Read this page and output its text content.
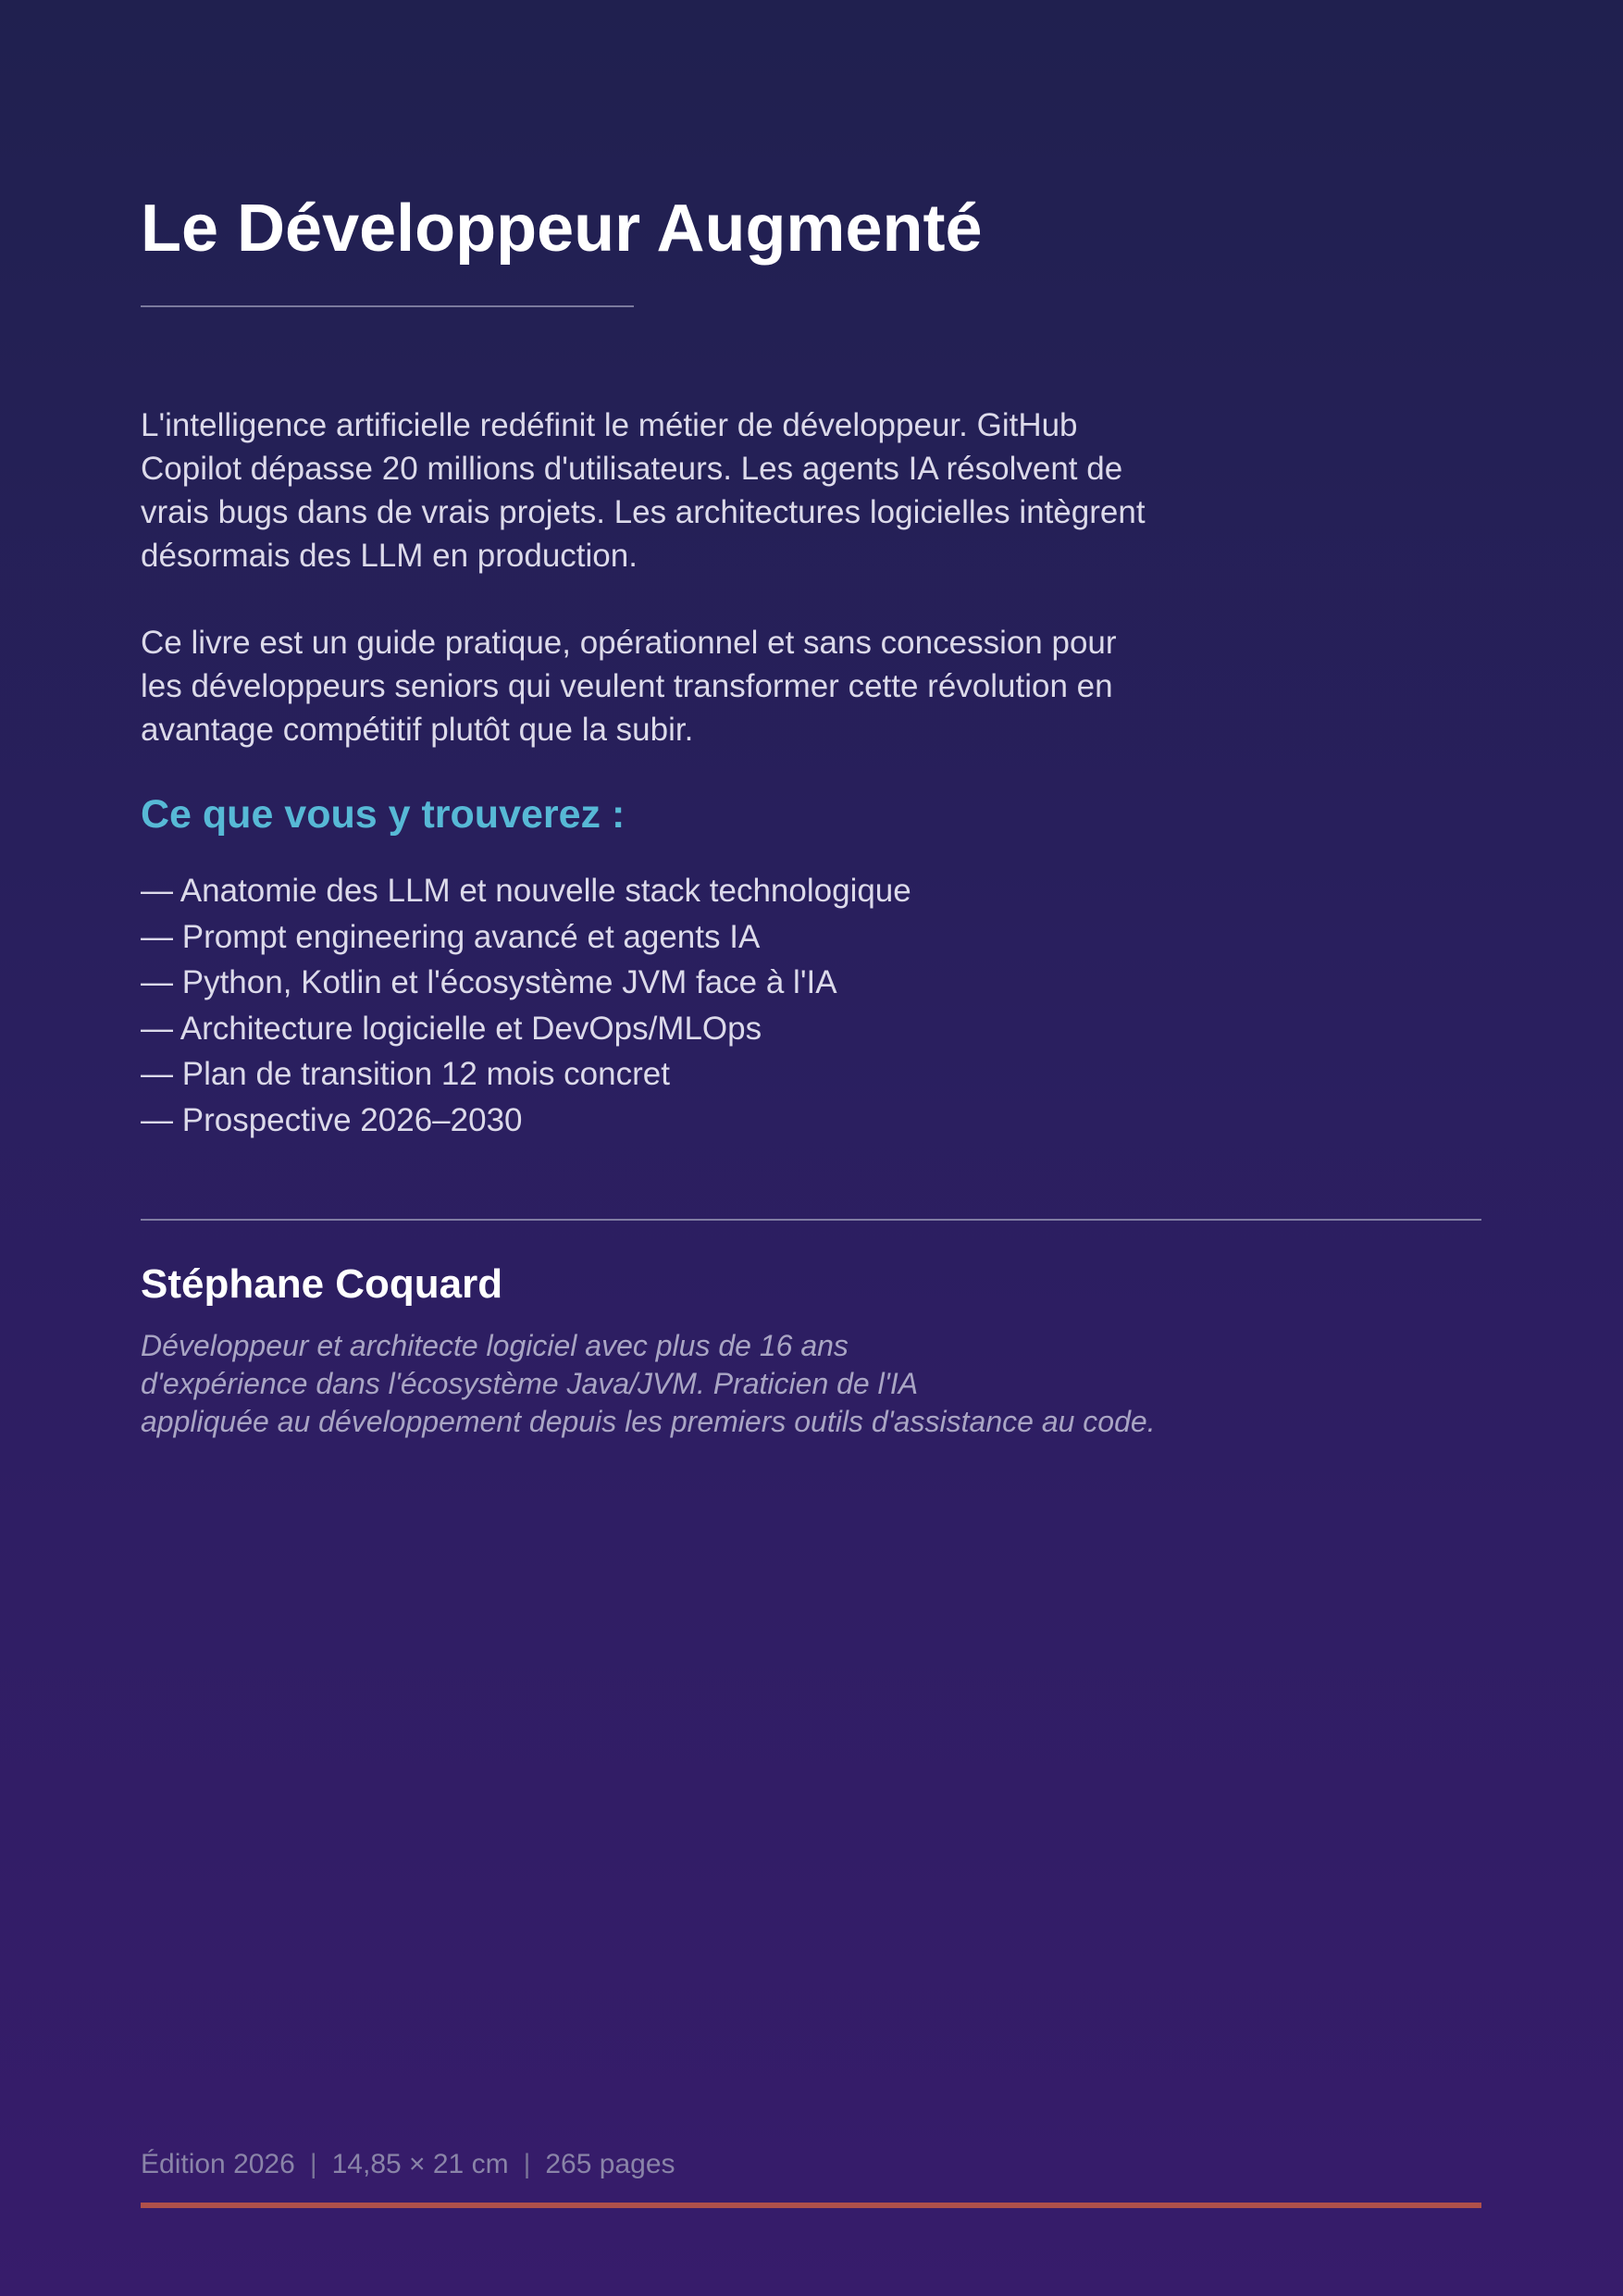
Le Développeur Augmenté

L'intelligence artificielle redéfinit le métier de développeur. GitHub Copilot dépasse 20 millions d'utilisateurs. Les agents IA résolvent de vrais bugs dans de vrais projets. Les architectures logicielles intègrent désormais des LLM en production.

Ce livre est un guide pratique, opérationnel et sans concession pour les développeurs seniors qui veulent transformer cette révolution en avantage compétitif plutôt que la subir.

Ce que vous y trouverez :
— Anatomie des LLM et nouvelle stack technologique
— Prompt engineering avancé et agents IA
— Python, Kotlin et l'écosystème JVM face à l'IA
— Architecture logicielle et DevOps/MLOps
— Plan de transition 12 mois concret
— Prospective 2026–2030
Stéphane Coquard

Développeur et architecte logiciel avec plus de 16 ans
d'expérience dans l'écosystème Java/JVM. Praticien de l'IA
appliquée au développement depuis les premiers outils d'assistance au code.

Édition 2026 | 14,85 × 21 cm | 265 pages
